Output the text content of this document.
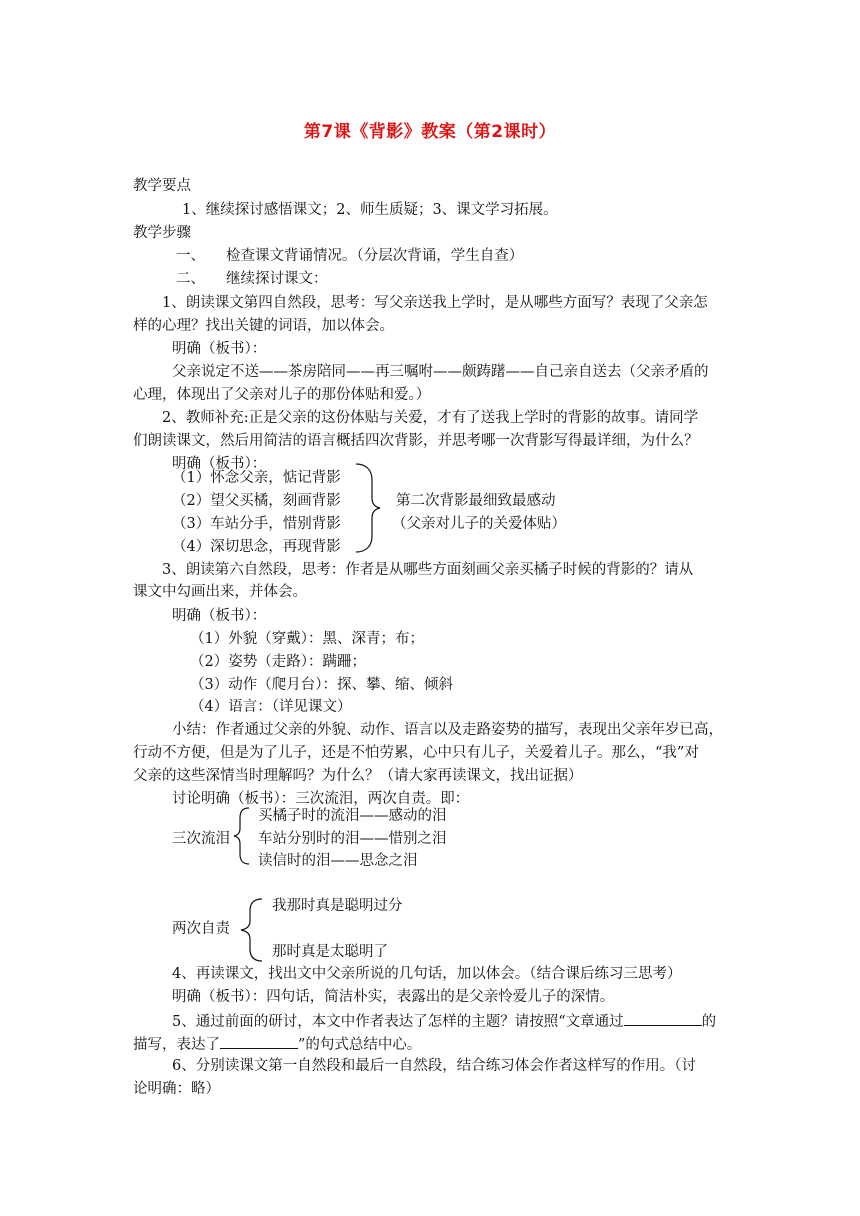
第7课《背影》教案（第2课时）
教学要点
1、继续探讨感悟课文；2、师生质疑；3、课文学习拓展。
教学步骤
一、 检查课文背诵情况。（分层次背诵，学生自查）
二、 继续探讨课文：
1、朗读课文第四自然段，思考：写父亲送我上学时，是从哪些方面写？表现了父亲怎
样的心理？找出关键的词语，加以体会。
明确（板书）：
父亲说定不送——茶房陪同——再三嘱咐——颇踌躇——自己亲自送去（父亲矛盾的
心理，体现出了父亲对儿子的那份体贴和爱。）
2、教师补充:正是父亲的这份体贴与关爱，才有了送我上学时的背影的故事。请同学
们朗读课文，然后用简洁的语言概括四次背影，并思考哪一次背影写得最详细，为什么？
明确（板书）：
（1）怀念父亲，惦记背影
（2）望父买橘，刻画背影
（3）车站分手，惜别背影
（4）深切思念，再现背影
第二次背影最细致最感动
（父亲对儿子的关爱体贴）
3、朗读第六自然段，思考：作者是从哪些方面刻画父亲买橘子时候的背影的？请从
课文中勾画出来，并体会。
明确（板书）：
（1）外貌（穿戴）：黑、深青；布；
（2）姿势（走路）：蹒跚；
（3）动作（爬月台）：探、攀、缩、倾斜
（4）语言：（详见课文）
小结：作者通过父亲的外貌、动作、语言以及走路姿势的描写，表现出父亲年岁已高，
行动不方便，但是为了儿子，还是不怕劳累，心中只有儿子，关爱着儿子。那么，“我”对
父亲的这些深情当时理解吗？为什么？（请大家再读课文，找出证据）
讨论明确（板书）：三次流泪，两次自责。即：
三次流泪
买橘子时的流泪——感动的泪
车站分别时的泪——惜别之泪
读信时的泪——思念之泪
两次自责
我那时真是聪明过分
那时真是太聪明了
4、再读课文，找出文中父亲所说的几句话，加以体会。（结合课后练习三思考）
明确（板书）：四句话，简洁朴实，表露出的是父亲怜爱儿子的深情。
5、通过前面的研讨，本文中作者表达了怎样的主题？请按照“文章通过	的
描写，表达了	”的句式总结中心。
6、分别读课文第一自然段和最后一自然段，结合练习体会作者这样写的作用。（讨
论明确：略）
